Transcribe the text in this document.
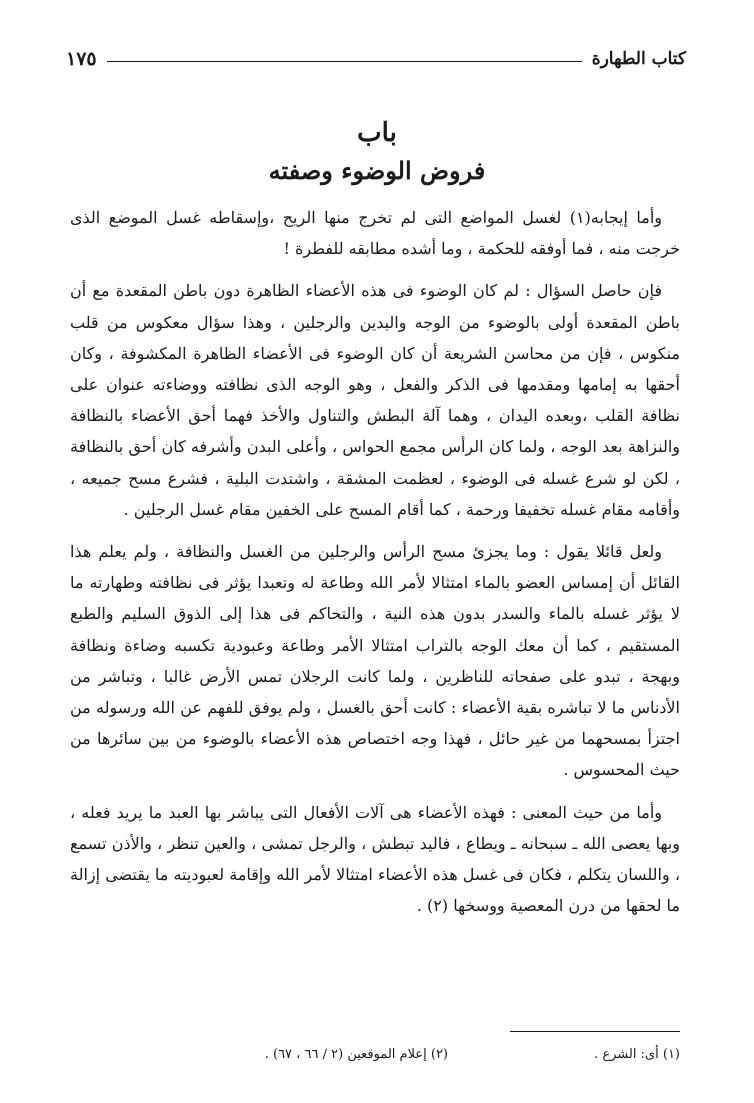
كتاب الطهارة
١٧٥
باب
فروض الوضوء وصفته

وأما إيجابه(١) لغسل المواضع التى لم تخرج منها الريح ،وإسقاطه غسل الموضع الذى خرجت منه ، فما أوفقه للحكمة ، وما أشده مطابقه للفطرة !

فإن حاصل السؤال : لم كان الوضوء فى هذه الأعضاء الظاهرة دون باطن المقعدة مع أن باطن المقعدة أولى بالوضوء من الوجه واليدين والرجلين ، وهذا سؤال معكوس من قلب منكوس ، فإن من محاسن الشريعة أن كان الوضوء فى الأعضاء الظاهرة المكشوفة ، وكان أحقها به إمامها ومقدمها فى الذكر والفعل ، وهو الوجه الذى نظافته ووضاءته عنوان على نظافة القلب ،وبعده اليدان ، وهما آلة البطش والتناول والأخذ فهما أحق الأعضاء بالنظافة والنزاهة بعد الوجه ، ولما كان الرأس مجمع الحواس ، وأعلى البدن وأشرفه كان أحق بالنظافة ، لكن لو شرع غسله فى الوضوء ، لعظمت المشقة ، واشتدت البلية ، فشرع مسح جميعه ، وأقامه مقام غسله تخفيفا ورحمة ، كما أقام المسح على الخفين مقام غسل الرجلين .

ولعل قائلا يقول : وما يجزئ مسح الرأس والرجلين من الغسل والنظافة ، ولم يعلم هذا القائل أن إمساس العضو بالماء امتثالا لأمر الله وطاعة له وتعبدا يؤثر فى نظافته وطهارته ما لا يؤثر غسله بالماء والسدر بدون هذه النية ، والتحاكم فى هذا إلى الذوق السليم والطبع المستقيم ، كما أن معك الوجه بالتراب امتثالا الأمر وطاعة وعبودية تكسبه وضاءة ونظافة وبهجة ، تبدو على صفحاته للناظرين ، ولما كانت الرجلان تمس الأرض غالبا ، وتباشر من الأدناس ما لا تباشره بقية الأعضاء : كانت أحق بالغسل ، ولم يوفق للفهم عن الله ورسوله من اجتزأ بمسحهما من غير حائل ، فهذا وجه اختصاص هذه الأعضاء بالوضوء من بين سائرها من حيث المحسوس .

وأما من حيث المعنى : فهذه الأعضاء هى آلات الأفعال التى يباشر بها العبد ما يريد فعله ، وبها يعصى الله ـ سبحانه ـ ويطاع ، فاليد تبطش ، والرجل تمشى ، والعين تنظر ، والأذن تسمع ، واللسان يتكلم ، فكان فى غسل هذه الأعضاء امتثالا لأمر الله وإقامة لعبوديته ما يقتضى إزالة ما لحقها من درن المعصية ووسخها (٢) .

(١) أى: الشرع .
(٢) إعلام الموقعين (٢ / ٦٦ ، ٦٧) .
